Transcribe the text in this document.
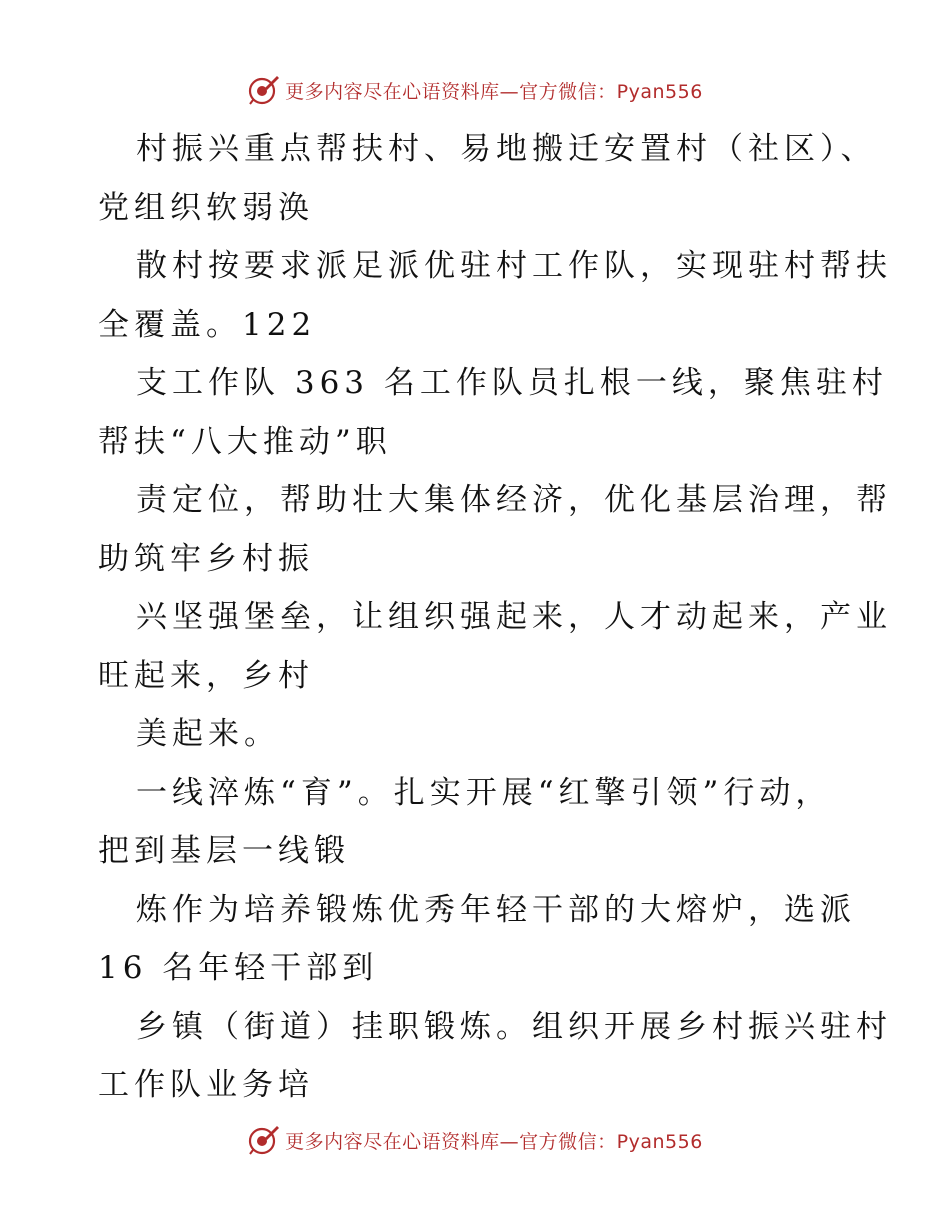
更多内容尽在心语资料库—官方微信：Pyan556
村振兴重点帮扶村、易地搬迁安置村（社区）、
党组织软弱涣
散村按要求派足派优驻村工作队，实现驻村帮扶
全覆盖。122
支工作队 363 名工作队员扎根一线，聚焦驻村
帮扶“八大推动”职
责定位，帮助壮大集体经济，优化基层治理，帮
助筑牢乡村振
兴坚强堡垒，让组织强起来，人才动起来，产业
旺起来，乡村
美起来。
一线淬炼“育”。扎实开展“红擎引领”行动，
把到基层一线锻
炼作为培养锻炼优秀年轻干部的大熔炉，选派
16 名年轻干部到
乡镇（街道）挂职锻炼。组织开展乡村振兴驻村
工作队业务培
更多内容尽在心语资料库—官方微信：Pyan556
